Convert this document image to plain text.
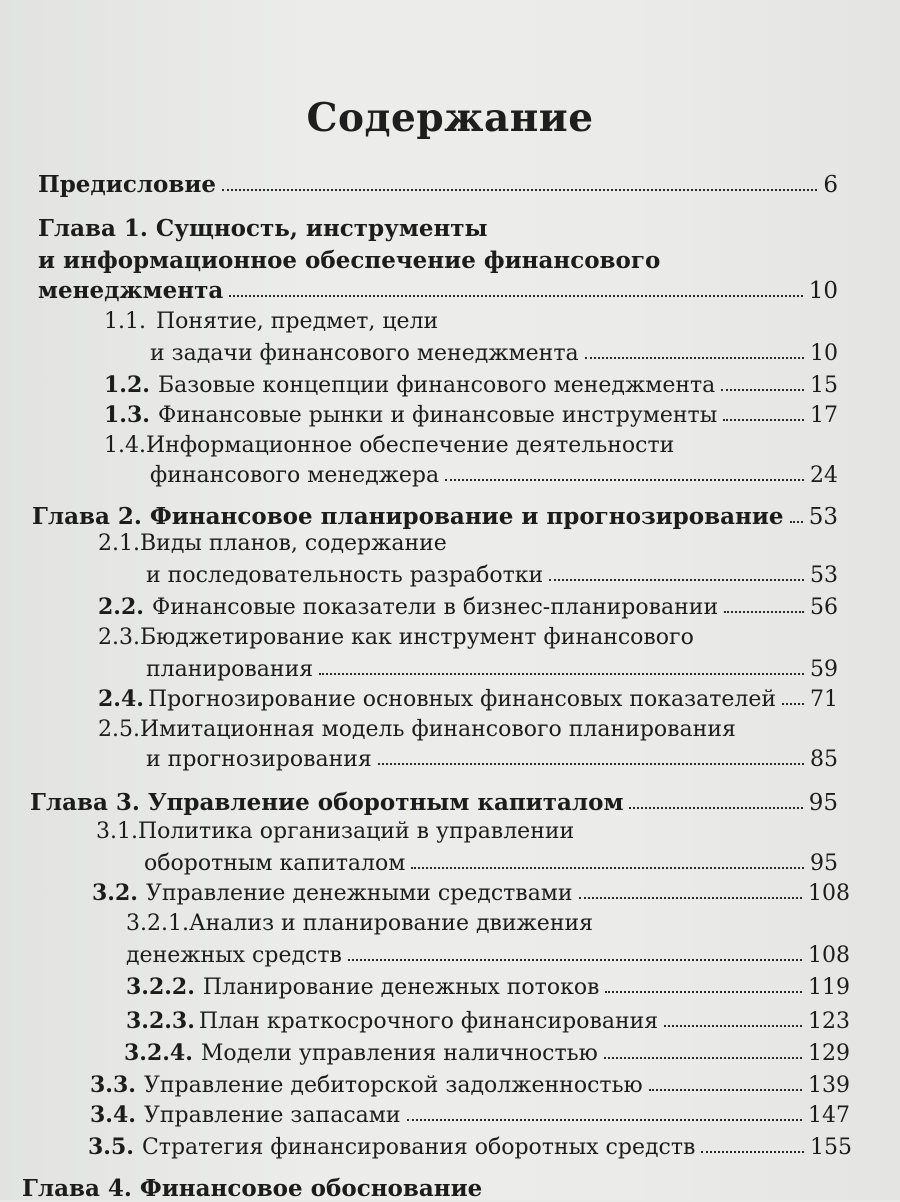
Содержание
Предисловие	6
Глава 1. Сущность, инструменты
и информационное обеспечение финансового
менеджмента	10
1.1. Понятие, предмет, цели
и задачи финансового менеджмента	10
1.2. Базовые концепции финансового менеджмента	15
1.3. Финансовые рынки и финансовые инструменты	17
1.4. Информационное обеспечение деятельности
финансового менеджера	24
Глава 2. Финансовое планирование и прогнозирование 53
2.1. Виды планов, содержание
и последовательность разработки	53
2.2. Финансовые показатели в бизнес-планировании	56
2.3. Бюджетирование как инструмент финансового
планирования	59
2.4. Прогнозирование основных финансовых показателей 71
2.5. Имитационная модель финансового планирования
и прогнозирования	85
Глава 3. Управление оборотным капиталом	95
3.1. Политика организаций в управлении
оборотным капиталом	95
3.2. Управление денежными средствами	108
3.2.1. Анализ и планирование движения
денежных средств	108
3.2.2. Планирование денежных потоков	119
3.2.3. План краткосрочного финансирования	123
3.2.4. Модели управления наличностью	129
3.3. Управление дебиторской задолженностью	139
3.4. Управление запасами	147
3.5. Стратегия финансирования оборотных средств	155
Глава 4. Финансовое обоснование
